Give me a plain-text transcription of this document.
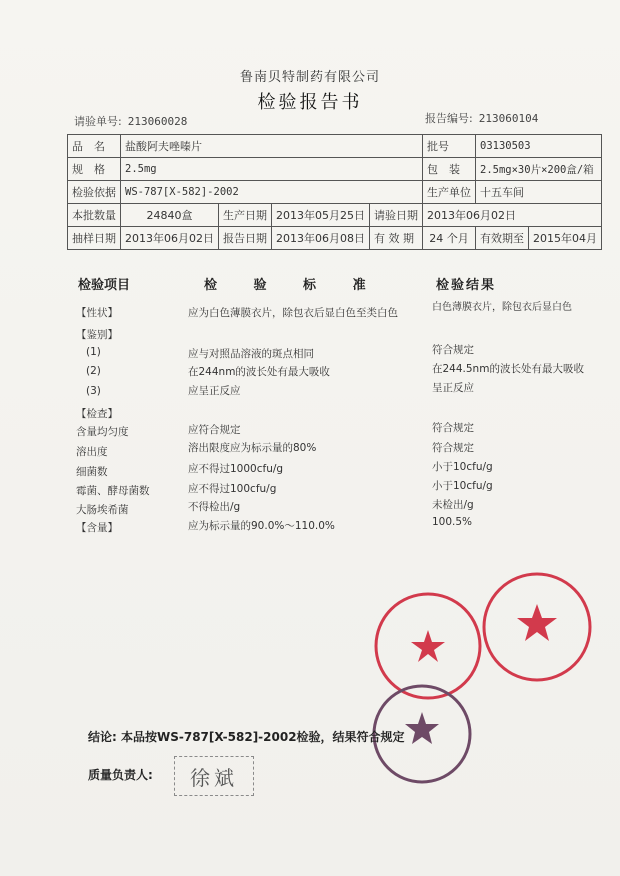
鲁南贝特制药有限公司
检验报告书
请验单号: 213060028	报告编号: 213060104
品　名	盐酸阿夫唑嗪片				批号	03130503	
规　格	2.5mg				包　装	2.5mg×30片×200盒/箱	
检验依据	WS-787[X-582]-2002				生产单位	十五车间	
本批数量	24840盒	生产日期	2013年05月25日	请验日期	2013年06月02日		
抽样日期	2013年06月02日	报告日期	2013年06月08日	有 效 期	24 个月	有效期至	2015年04月
检验项目	检 验 标 准	检验结果
【性状】	应为白色薄膜衣片，除包衣后显白色至类白色	白色薄膜衣片，除包衣后显白色
【鉴别】
(1)	应与对照品溶液的斑点相同	符合规定
(2)	在244nm的波长处有最大吸收	在244.5nm的波长处有最大吸收
(3)	应呈正反应	呈正反应
【检查】
含量均匀度	应符合规定	符合规定
溶出度	溶出限度应为标示量的80%	符合规定
细菌数	应不得过1000cfu/g	小于10cfu/g
霉菌、酵母菌数	应不得过100cfu/g	小于10cfu/g
大肠埃希菌	不得检出/g	未检出/g
【含量】	应为标示量的90.0%～110.0%	100.5%
结论: 本品按WS-787[X-582]-2002检验，结果符合规定
质量负责人: 徐斌
